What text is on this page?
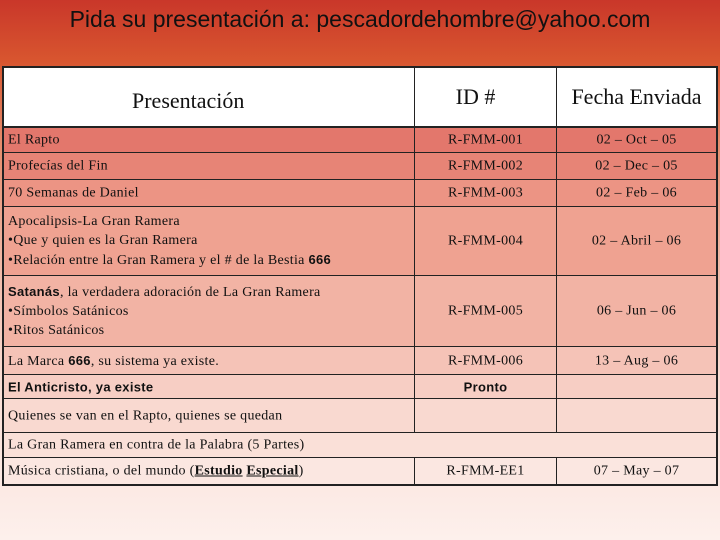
Pida su presentación a: pescadordehombre@yahoo.com
Presentación	ID #	Fecha Enviada
El Rapto	R-FMM-001	02 – Oct – 05
Profecías del Fin	R-FMM-002	02 – Dec – 05
70 Semanas de Daniel	R-FMM-003	02 – Feb – 06
Apocalipsis-La Gran Ramera
•Que y quien es la Gran Ramera
•Relación entre la Gran Ramera y el # de la Bestia 666
R-FMM-004	02 – Abril – 06
Satanás, la verdadera adoración de La Gran Ramera
•Símbolos Satánicos
•Ritos Satánicos
R-FMM-005	06 – Jun – 06
La Marca 666, su sistema ya existe.	R-FMM-006	13 – Aug – 06
El Anticristo, ya existe	Pronto
Quienes se van en el Rapto, quienes se quedan
La Gran Ramera en contra de la Palabra (5 Partes)
Música cristiana, o del mundo (Estudio Especial)	R-FMM-EE1	07 – May – 07
